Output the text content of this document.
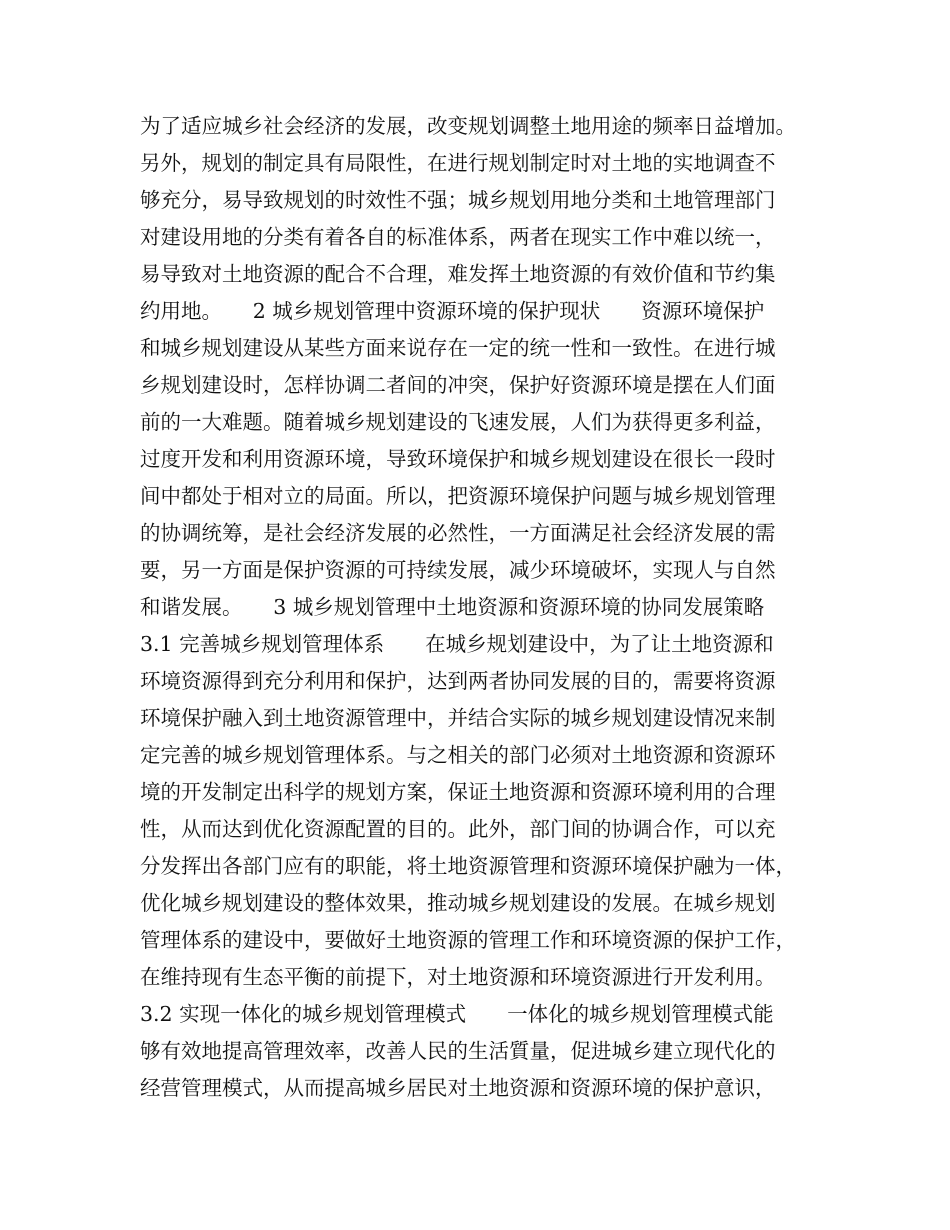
为了适应城乡社会经济的发展，改变规划调整土地用途的频率日益增加。
另外，规划的制定具有局限性，在进行规划制定时对土地的实地调查不
够充分，易导致规划的时效性不强；城乡规划用地分类和土地管理部门
对建设用地的分类有着各自的标准体系，两者在现实工作中难以统一，
易导致对土地资源的配合不合理，难发挥土地资源的有效价值和节约集
约用地。　　2 城乡规划管理中资源环境的保护现状　　资源环境保护
和城乡规划建设从某些方面来说存在一定的统一性和一致性。在进行城
乡规划建设时，怎样协调二者间的冲突，保护好资源环境是摆在人们面
前的一大难题。随着城乡规划建设的飞速发展，人们为获得更多利益，
过度开发和利用资源环境，导致环境保护和城乡规划建设在很长一段时
间中都处于相对立的局面。所以，把资源环境保护问题与城乡规划管理
的协调统筹，是社会经济发展的必然性，一方面满足社会经济发展的需
要，另一方面是保护资源的可持续发展，减少环境破坏，实现人与自然
和谐发展。　　3 城乡规划管理中土地资源和资源环境的协同发展策略
3.1 完善城乡规划管理体系　　在城乡规划建设中，为了让土地资源和
环境资源得到充分利用和保护，达到两者协同发展的目的，需要将资源
环境保护融入到土地资源管理中，并结合实际的城乡规划建设情况来制
定完善的城乡规划管理体系。与之相关的部门必须对土地资源和资源环
境的开发制定出科学的规划方案，保证土地资源和资源环境利用的合理
性，从而达到优化资源配置的目的。此外，部门间的协调合作，可以充
分发挥出各部门应有的职能，将土地资源管理和资源环境保护融为一体，
优化城乡规划建设的整体效果，推动城乡规划建设的发展。在城乡规划
管理体系的建设中，要做好土地资源的管理工作和环境资源的保护工作，
在维持现有生态平衡的前提下，对土地资源和环境资源进行开发利用。
3.2 实现一体化的城乡规划管理模式　　一体化的城乡规划管理模式能
够有效地提高管理效率，改善人民的生活質量，促进城乡建立现代化的
经营管理模式，从而提高城乡居民对土地资源和资源环境的保护意识，
